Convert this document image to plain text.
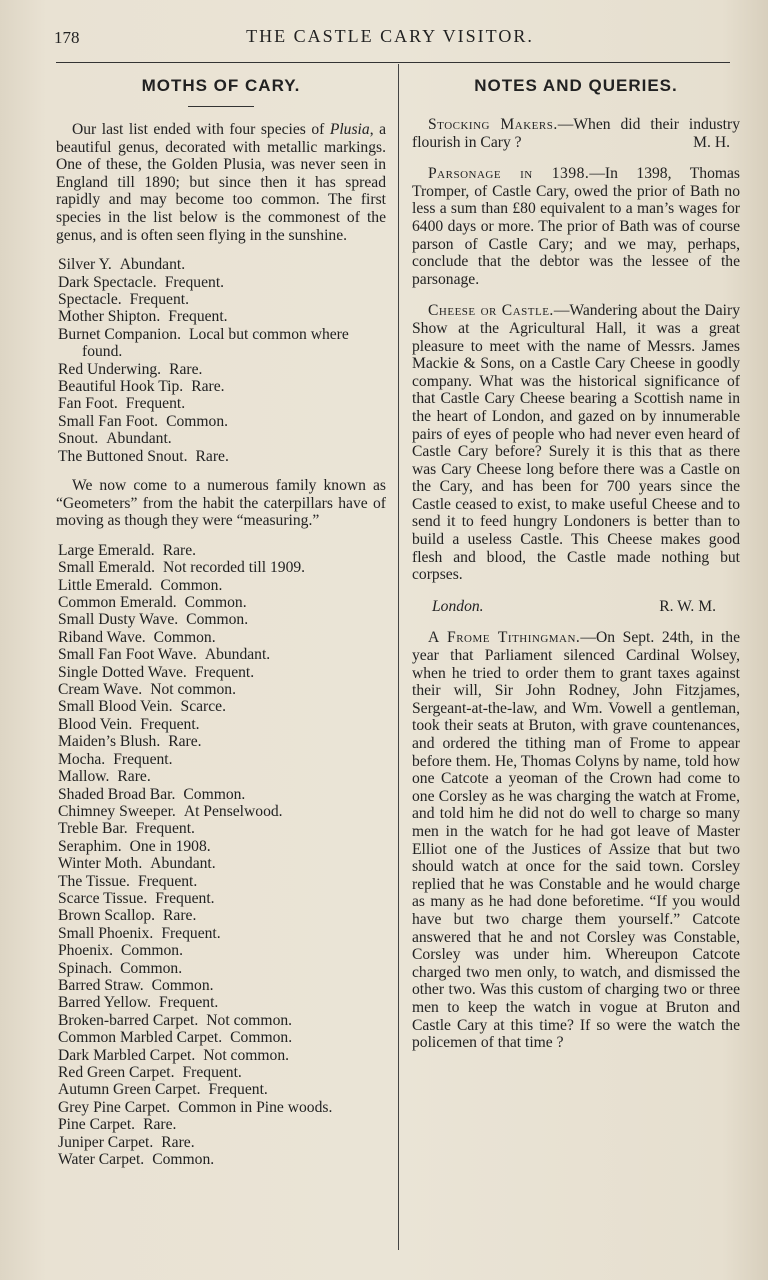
178	THE CASTLE CARY VISITOR.
MOTHS OF CARY.

Our last list ended with four species of Plusia, a beautiful genus, decorated with metallic markings. One of these, the Golden Plusia, was never seen in England till 1890; but since then it has spread rapidly and may become too common. The first species in the list below is the commonest of the genus, and is often seen flying in the sunshine.

Silver Y. Abundant.
Dark Spectacle. Frequent.
Spectacle. Frequent.
Mother Shipton. Frequent.
Burnet Companion. Local but common where found.
Red Underwing. Rare.
Beautiful Hook Tip. Rare.
Fan Foot. Frequent.
Small Fan Foot. Common.
Snout. Abundant.
The Buttoned Snout. Rare.

We now come to a numerous family known as “Geometers” from the habit the caterpillars have of moving as though they were “measuring.”

Large Emerald. Rare.
Small Emerald. Not recorded till 1909.
Little Emerald. Common.
Common Emerald. Common.
Small Dusty Wave. Common.
Riband Wave. Common.
Small Fan Foot Wave. Abundant.
Single Dotted Wave. Frequent.
Cream Wave. Not common.
Small Blood Vein. Scarce.
Blood Vein. Frequent.
Maiden’s Blush. Rare.
Mocha. Frequent.
Mallow. Rare.
Shaded Broad Bar. Common.
Chimney Sweeper. At Penselwood.
Treble Bar. Frequent.
Seraphim. One in 1908.
Winter Moth. Abundant.
The Tissue. Frequent.
Scarce Tissue. Frequent.
Brown Scallop. Rare.
Small Phoenix. Frequent.
Phoenix. Common.
Spinach. Common.
Barred Straw. Common.
Barred Yellow. Frequent.
Broken-barred Carpet. Not common.
Common Marbled Carpet. Common.
Dark Marbled Carpet. Not common.
Red Green Carpet. Frequent.
Autumn Green Carpet. Frequent.
Grey Pine Carpet. Common in Pine woods.
Pine Carpet. Rare.
Juniper Carpet. Rare.
Water Carpet. Common.
NOTES AND QUERIES.

Stocking Makers.—When did their industry flourish in Cary ?	M. H.

Parsonage in 1398.—In 1398, Thomas Tromper, of Castle Cary, owed the prior of Bath no less a sum than £80 equivalent to a man’s wages for 6400 days or more. The prior of Bath was of course parson of Castle Cary; and we may, perhaps, conclude that the debtor was the lessee of the parsonage.

Cheese or Castle.—Wandering about the Dairy Show at the Agricultural Hall, it was a great pleasure to meet with the name of Messrs. James Mackie & Sons, on a Castle Cary Cheese in goodly company. What was the historical significance of that Castle Cary Cheese bearing a Scottish name in the heart of London, and gazed on by innumerable pairs of eyes of people who had never even heard of Castle Cary before? Surely it is this that as there was Cary Cheese long before there was a Castle on the Cary, and has been for 700 years since the Castle ceased to exist, to make useful Cheese and to send it to feed hungry Londoners is better than to build a useless Castle. This Cheese makes good flesh and blood, the Castle made nothing but corpses.

London.	R. W. M.

A Frome Tithingman.—On Sept. 24th, in the year that Parliament silenced Cardinal Wolsey, when he tried to order them to grant taxes against their will, Sir John Rodney, John Fitzjames, Sergeant-at-the-law, and Wm. Vowell a gentleman, took their seats at Bruton, with grave countenances, and ordered the tithing man of Frome to appear before them. He, Thomas Colyns by name, told how one Catcote a yeoman of the Crown had come to one Corsley as he was charging the watch at Frome, and told him he did not do well to charge so many men in the watch for he had got leave of Master Elliot one of the Justices of Assize that but two should watch at once for the said town. Corsley replied that he was Constable and he would charge as many as he had done beforetime. “If you would have but two charge them yourself.” Catcote answered that he and not Corsley was Constable, Corsley was under him. Whereupon Catcote charged two men only, to watch, and dismissed the other two. Was this custom of charging two or three men to keep the watch in vogue at Bruton and Castle Cary at this time? If so were the watch the policemen of that time ?
